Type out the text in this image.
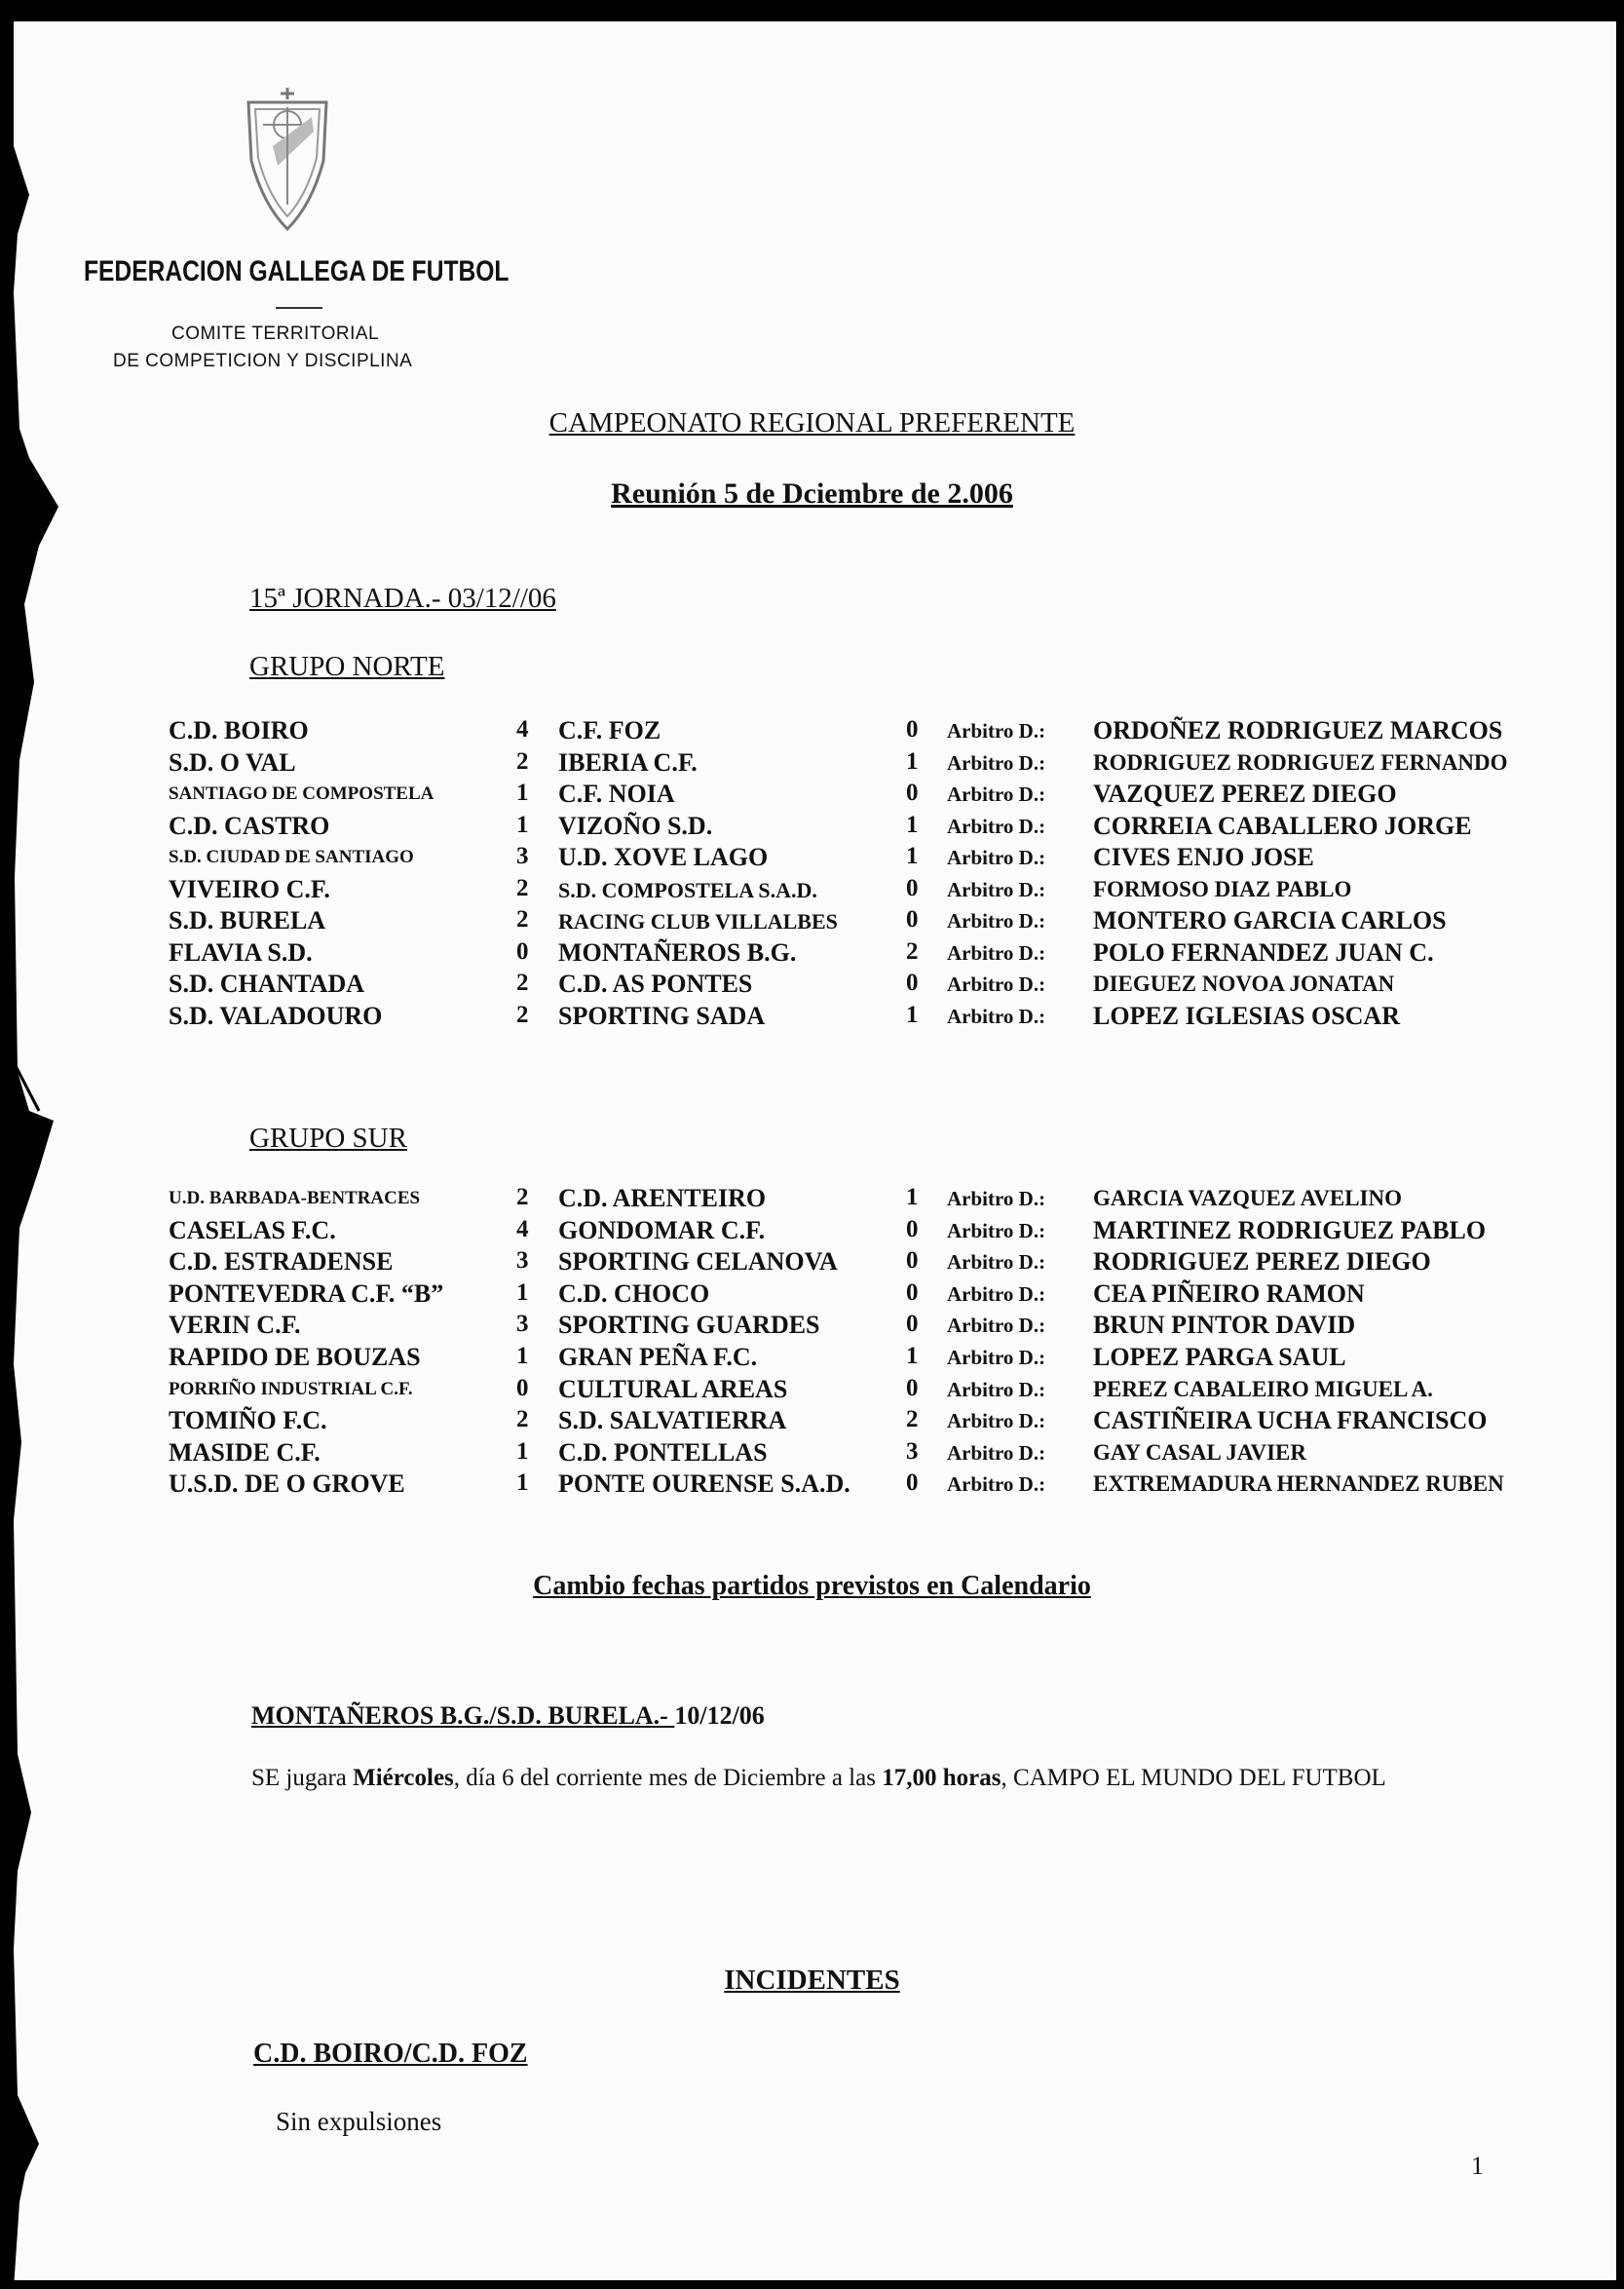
FEDERACION GALLEGA DE FUTBOL
COMITE TERRITORIAL
DE COMPETICION Y DISCIPLINA
CAMPEONATO REGIONAL PREFERENTE
Reunión 5 de Dciembre de 2.006
15ª JORNADA.- 03/12//06
GRUPO NORTE
GRUPO SUR
C.D. BOIRO	4 C.F. FOZ	0 Arbitro D.: ORDOÑEZ RODRIGUEZ MARCOS
S.D. O VAL	2 IBERIA C.F.	1 Arbitro D.: RODRIGUEZ RODRIGUEZ FERNANDO
SANTIAGO DE COMPOSTELA	1 C.F. NOIA	0 Arbitro D.: VAZQUEZ PEREZ DIEGO
C.D. CASTRO	1 VIZOÑO S.D.	1 Arbitro D.: CORREIA CABALLERO JORGE
S.D. CIUDAD DE SANTIAGO	3 U.D. XOVE LAGO	1 Arbitro D.: CIVES ENJO JOSE
VIVEIRO C.F.	2 S.D. COMPOSTELA S.A.D.	0 Arbitro D.: FORMOSO DIAZ PABLO
S.D. BURELA	2 RACING CLUB VILLALBES	0 Arbitro D.: MONTERO GARCIA CARLOS
FLAVIA S.D.	0 MONTAÑEROS B.G.	2 Arbitro D.: POLO FERNANDEZ JUAN C.
S.D. CHANTADA	2 C.D. AS PONTES	0 Arbitro D.: DIEGUEZ NOVOA JONATAN
S.D. VALADOURO	2 SPORTING SADA	1 Arbitro D.: LOPEZ IGLESIAS OSCAR
U.D. BARBADA-BENTRACES	2 C.D. ARENTEIRO	1 Arbitro D.: GARCIA VAZQUEZ AVELINO
CASELAS F.C.	4 GONDOMAR C.F.	0 Arbitro D.: MARTINEZ RODRIGUEZ PABLO
C.D. ESTRADENSE	3 SPORTING CELANOVA	0 Arbitro D.: RODRIGUEZ PEREZ DIEGO
PONTEVEDRA C.F. “B”	1 C.D. CHOCO	0 Arbitro D.: CEA PIÑEIRO RAMON
VERIN C.F.	3 SPORTING GUARDES	0 Arbitro D.: BRUN PINTOR DAVID
RAPIDO DE BOUZAS	1 GRAN PEÑA F.C.	1 Arbitro D.: LOPEZ PARGA SAUL
PORRIÑO INDUSTRIAL C.F.	0 CULTURAL AREAS	0 Arbitro D.: PEREZ CABALEIRO MIGUEL A.
TOMIÑO F.C.	2 S.D. SALVATIERRA	2 Arbitro D.: CASTIÑEIRA UCHA FRANCISCO
MASIDE C.F.	1 C.D. PONTELLAS	3 Arbitro D.: GAY CASAL JAVIER
U.S.D. DE O GROVE	1 PONTE OURENSE S.A.D. 0 Arbitro D.: EXTREMADURA HERNANDEZ RUBEN
Cambio fechas partidos previstos en Calendario
MONTAÑEROS B.G./S.D. BURELA.- 10/12/06
SE jugara Miércoles, día 6 del corriente mes de Diciembre a las 17,00 horas, CAMPO EL MUNDO DEL FUTBOL
INCIDENTES
C.D. BOIRO/C.D. FOZ
Sin expulsiones
1
